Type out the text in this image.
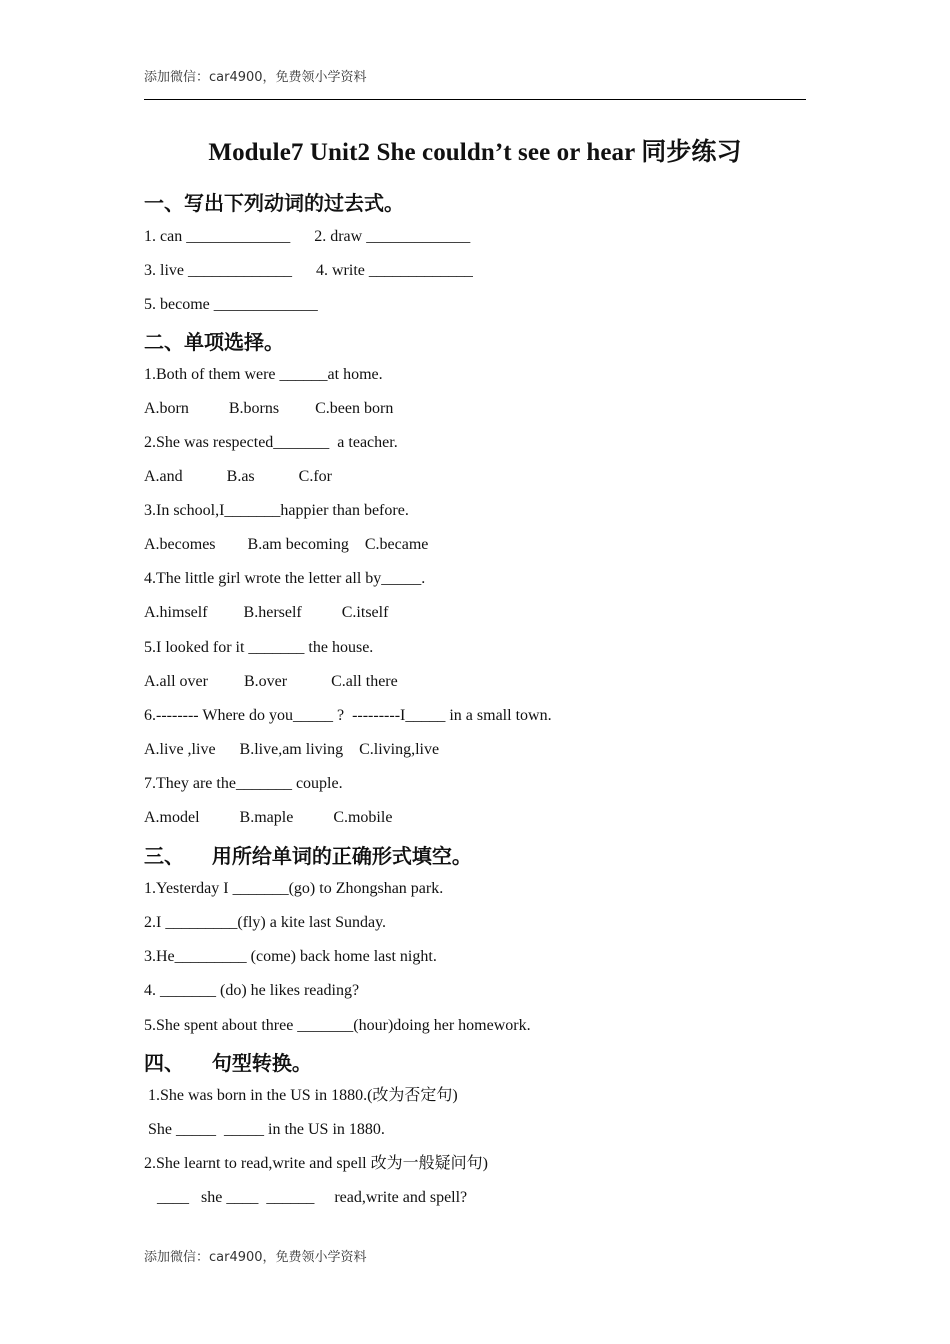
添加微信：car4900，免费领小学资料
Module7 Unit2 She couldn’t see or hear 同步练习
一、写出下列动词的过去式。
1. can _____________      2. draw _____________
3. live _____________      4. write _____________
5. become _____________
二、单项选择。
1.Both of them were ______at home.
A.born          B.borns         C.been born
2.She was respected_______  a teacher.
A.and           B.as           C.for
3.In school,I_______happier than before.
A.becomes        B.am becoming    C.became
4.The little girl wrote the letter all by_____.
A.himself         B.herself          C.itself
5.I looked for it _______ the house.
A.all over         B.over           C.all there
6.-------- Where do you_____ ?  ---------I_____ in a small town.
A.live ,live      B.live,am living    C.living,live
7.They are the_______ couple.
A.model          B.maple          C.mobile
三、    用所给单词的正确形式填空。
1.Yesterday I _______(go) to Zhongshan park.
2.I _________(fly) a kite last Sunday.
3.He_________ (come) back home last night.
4. _______ (do) he likes reading?
5.She spent about three _______(hour)doing her homework.
四、    句型转换。
1.She was born in the US in 1880.(改为否定句)
She _____  _____ in the US in 1880.
2.She learnt to read,write and spell 改为一般疑问句)
____   she ____  ______     read,write and spell?
添加微信：car4900，免费领小学资料
